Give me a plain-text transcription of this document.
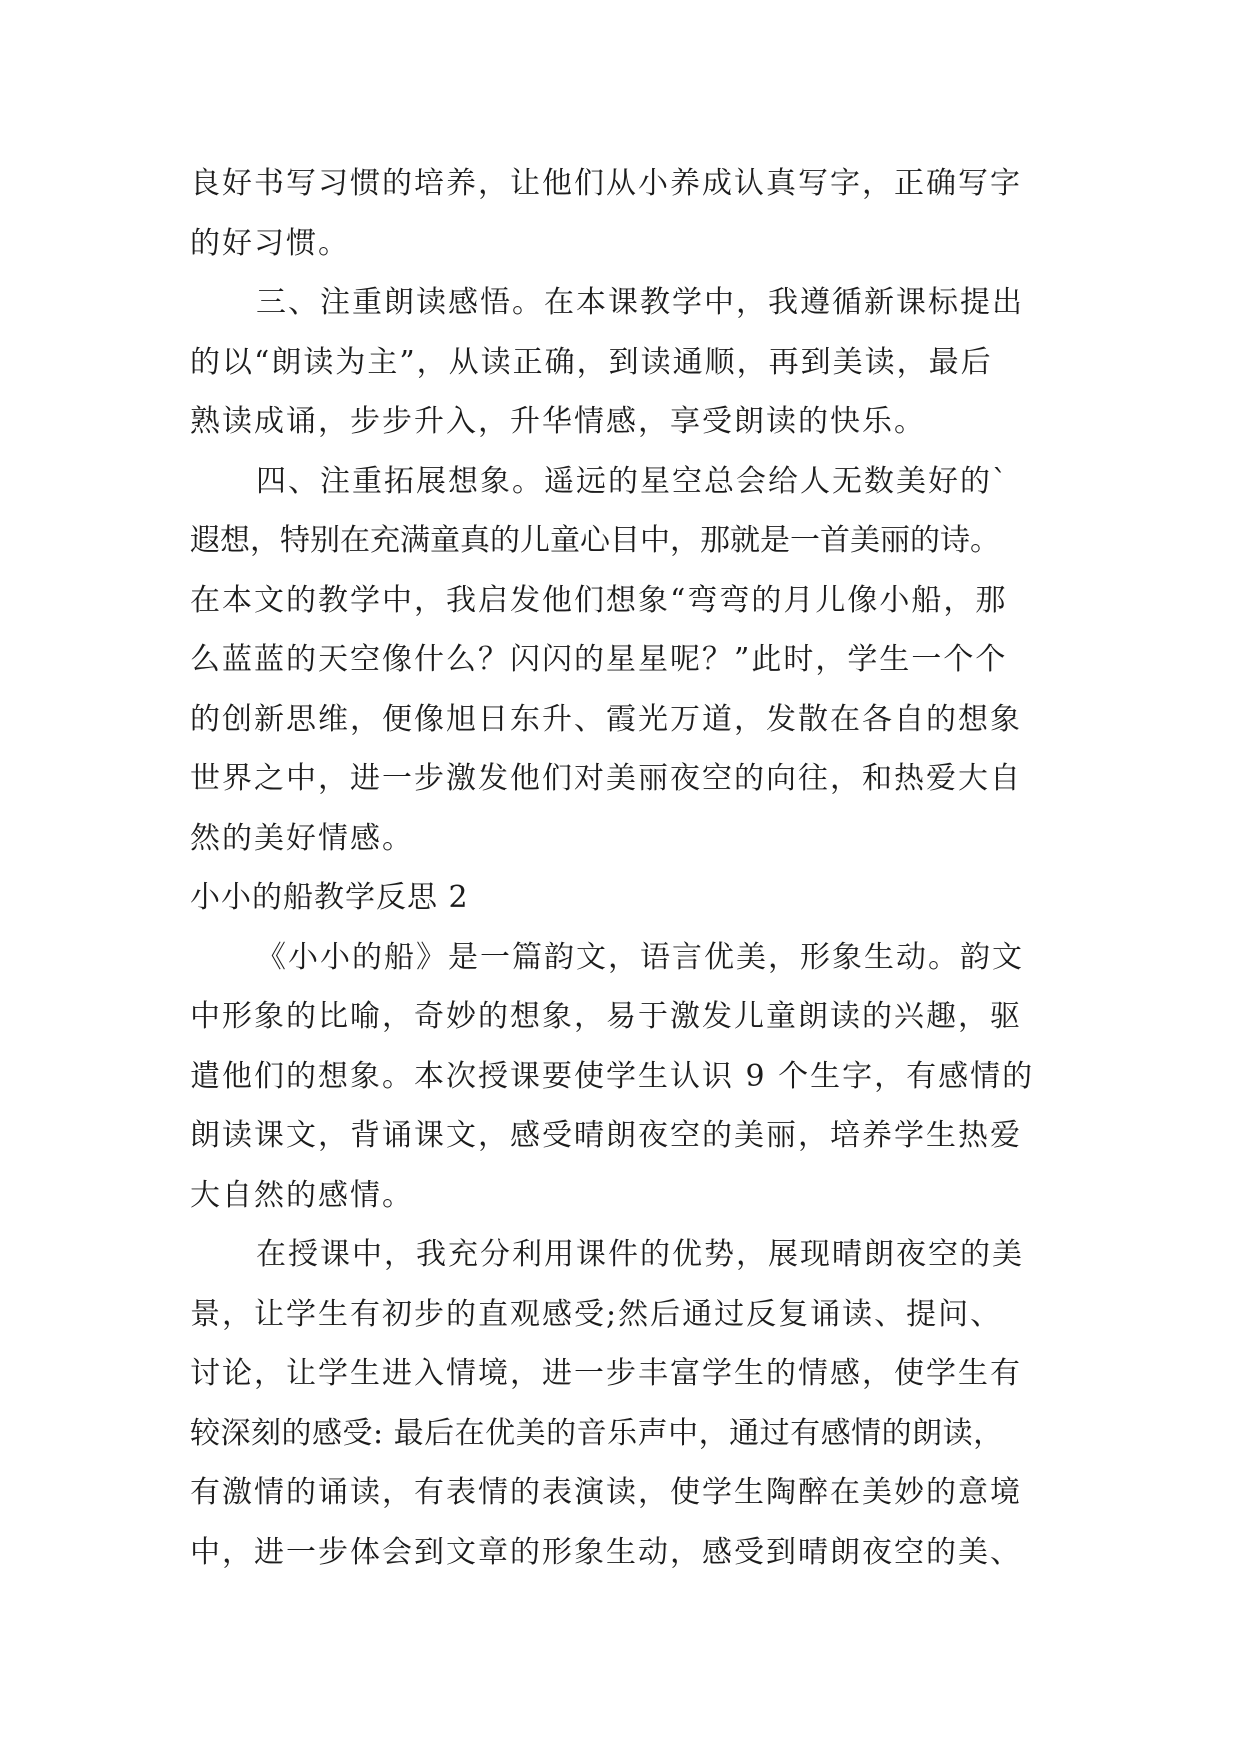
良好书写习惯的培养，让他们从小养成认真写字，正确写字
的好习惯。
三、注重朗读感悟。在本课教学中，我遵循新课标提出
的以“朗读为主”，从读正确，到读通顺，再到美读，最后
熟读成诵，步步升入，升华情感，享受朗读的快乐。
四、注重拓展想象。遥远的星空总会给人无数美好的`
遐想，特别在充满童真的儿童心目中，那就是一首美丽的诗。
在本文的教学中，我启发他们想象“弯弯的月儿像小船，那
么蓝蓝的天空像什么？闪闪的星星呢？”此时，学生一个个
的创新思维，便像旭日东升、霞光万道，发散在各自的想象
世界之中，进一步激发他们对美丽夜空的向往，和热爱大自
然的美好情感。
小小的船教学反思 2
《小小的船》是一篇韵文，语言优美，形象生动。韵文
中形象的比喻，奇妙的想象，易于激发儿童朗读的兴趣，驱
遣他们的想象。本次授课要使学生认识 9 个生字，有感情的
朗读课文，背诵课文，感受晴朗夜空的美丽，培养学生热爱
大自然的感情。
在授课中，我充分利用课件的优势，展现晴朗夜空的美
景，让学生有初步的直观感受;然后通过反复诵读、提问、
讨论，让学生进入情境，进一步丰富学生的情感，使学生有
较深刻的感受: 最后在优美的音乐声中，通过有感情的朗读，
有激情的诵读，有表情的表演读，使学生陶醉在美妙的意境
中，进一步体会到文章的形象生动，感受到晴朗夜空的美、
